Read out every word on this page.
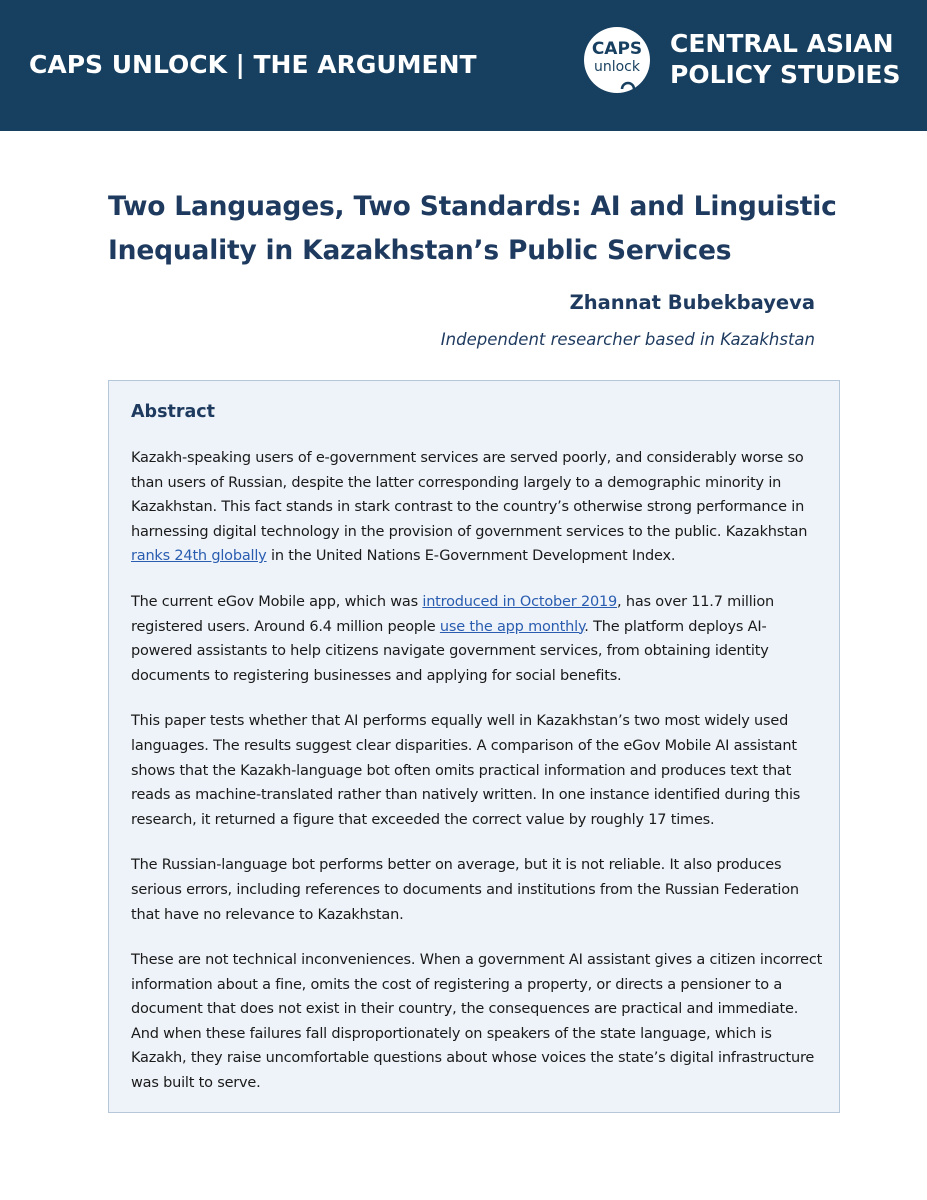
CAPS UNLOCK | THE ARGUMENT
CAPS
unlock
CENTRAL ASIAN
POLICY STUDIES
Two Languages, Two Standards: AI and Linguistic Inequality in Kazakhstan’s Public Services
Zhannat Bubekbayeva
Independent researcher based in Kazakhstan
Abstract

Kazakh-speaking users of e-government services are served poorly, and considerably worse so than users of Russian, despite the latter corresponding largely to a demographic minority in Kazakhstan. This fact stands in stark contrast to the country’s otherwise strong performance in harnessing digital technology in the provision of government services to the public. Kazakhstan ranks 24th globally in the United Nations E-Government Development Index.

The current eGov Mobile app, which was introduced in October 2019, has over 11.7 million registered users. Around 6.4 million people use the app monthly. The platform deploys AI-powered assistants to help citizens navigate government services, from obtaining identity documents to registering businesses and applying for social benefits.

This paper tests whether that AI performs equally well in Kazakhstan’s two most widely used languages. The results suggest clear disparities. A comparison of the eGov Mobile AI assistant shows that the Kazakh-language bot often omits practical information and produces text that reads as machine-translated rather than natively written. In one instance identified during this research, it returned a figure that exceeded the correct value by roughly 17 times.

The Russian-language bot performs better on average, but it is not reliable. It also produces serious errors, including references to documents and institutions from the Russian Federation that have no relevance to Kazakhstan.

These are not technical inconveniences. When a government AI assistant gives a citizen incorrect information about a fine, omits the cost of registering a property, or directs a pensioner to a document that does not exist in their country, the consequences are practical and immediate. And when these failures fall disproportionately on speakers of the state language, which is Kazakh, they raise uncomfortable questions about whose voices the state’s digital infrastructure was built to serve.
